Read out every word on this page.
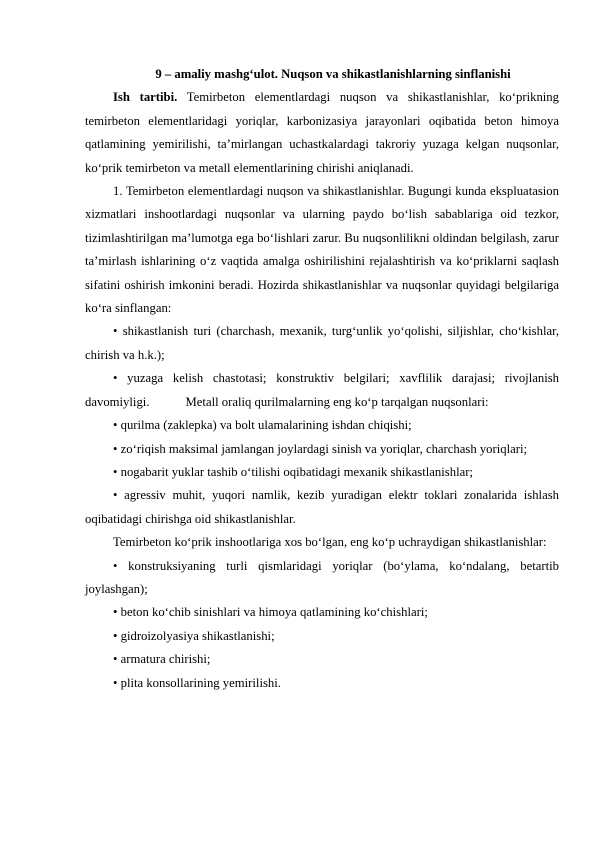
9 – amaliy mashg‘ulot. Nuqson va shikastlanishlarning sinflanishi

Ish tartibi. Temirbeton elementlardagi nuqson va shikastlanishlar, ko‘prikning temirbeton elementlaridagi yoriqlar, karbonizasiya jarayonlari oqibatida beton himoya qatlamining yemirilishi, ta’mirlangan uchastkalardagi takroriy yuzaga kelgan nuqsonlar, ko‘prik temirbeton va metall elementlarining chirishi aniqlanadi.

1. Temirbeton elementlardagi nuqson va shikastlanishlar. Bugungi kunda ekspluatasion xizmatlari inshootlardagi nuqsonlar va ularning paydo bo‘lish sabablariga oid tezkor, tizimlashtirilgan ma’lumotga ega bo‘lishlari zarur. Bu nuqsonlilikni oldindan belgilash, zarur ta’mirlash ishlarining o‘z vaqtida amalga oshirilishini rejalashtirish va ko‘priklarni saqlash sifatini oshirish imkonini beradi. Hozirda shikastlanishlar va nuqsonlar quyidagi belgilariga ko‘ra sinflangan:

• shikastlanish turi (charchash, mexanik, turg‘unlik yo‘qolishi, siljishlar, cho‘kishlar, chirish va h.k.);

• yuzaga kelish chastotasi; konstruktiv belgilari; xavflilik darajasi; rivojlanish davomiyligi.	Metall oraliq qurilmalarning eng ko‘p tarqalgan nuqsonlari:

• qurilma (zaklepka) va bolt ulamalarining ishdan chiqishi;

• zo‘riqish maksimal jamlangan joylardagi sinish va yoriqlar, charchash yoriqlari;

• nogabarit yuklar tashib o‘tilishi oqibatidagi mexanik shikastlanishlar;

• agressiv muhit, yuqori namlik, kezib yuradigan elektr toklari zonalarida ishlash oqibatidagi chirishga oid shikastlanishlar.

Temirbeton ko‘prik inshootlariga xos bo‘lgan, eng ko‘p uchraydigan shikastlanishlar:

• konstruksiyaning turli qismlaridagi yoriqlar (bo‘ylama, ko‘ndalang, betartib joylashgan);

• beton ko‘chib sinishlari va himoya qatlamining ko‘chishlari;

• gidroizolyasiya shikastlanishi;

• armatura chirishi;

• plita konsollarining yemirilishi.
